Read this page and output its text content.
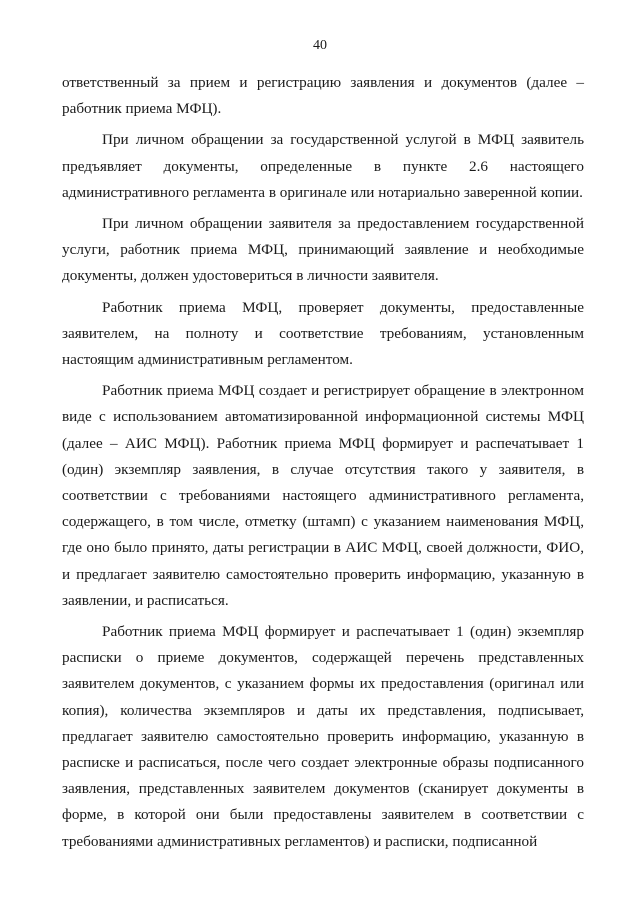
40

ответственный за прием и регистрацию заявления и документов (далее – работник приема МФЦ).

При личном обращении за государственной услугой в МФЦ заявитель предъявляет документы, определенные в пункте 2.6 настоящего административного регламента в оригинале или нотариально заверенной копии.

При личном обращении заявителя за предоставлением государственной услуги, работник приема МФЦ, принимающий заявление и необходимые документы, должен удостовериться в личности заявителя.

Работник приема МФЦ, проверяет документы, предоставленные заявителем, на полноту и соответствие требованиям, установленным настоящим административным регламентом.

Работник приема МФЦ создает и регистрирует обращение в электронном виде с использованием автоматизированной информационной системы МФЦ (далее – АИС МФЦ). Работник приема МФЦ формирует и распечатывает 1 (один) экземпляр заявления, в случае отсутствия такого у заявителя, в соответствии с требованиями настоящего административного регламента, содержащего, в том числе, отметку (штамп) с указанием наименования МФЦ, где оно было принято, даты регистрации в АИС МФЦ, своей должности, ФИО, и предлагает заявителю самостоятельно проверить информацию, указанную в заявлении, и расписаться.

Работник приема МФЦ формирует и распечатывает 1 (один) экземпляр расписки о приеме документов, содержащей перечень представленных заявителем документов, с указанием формы их предоставления (оригинал или копия), количества экземпляров и даты их представления, подписывает, предлагает заявителю самостоятельно проверить информацию, указанную в расписке и расписаться, после чего создает электронные образы подписанного заявления, представленных заявителем документов (сканирует документы в форме, в которой они были предоставлены заявителем в соответствии с требованиями административных регламентов) и расписки, подписанной
